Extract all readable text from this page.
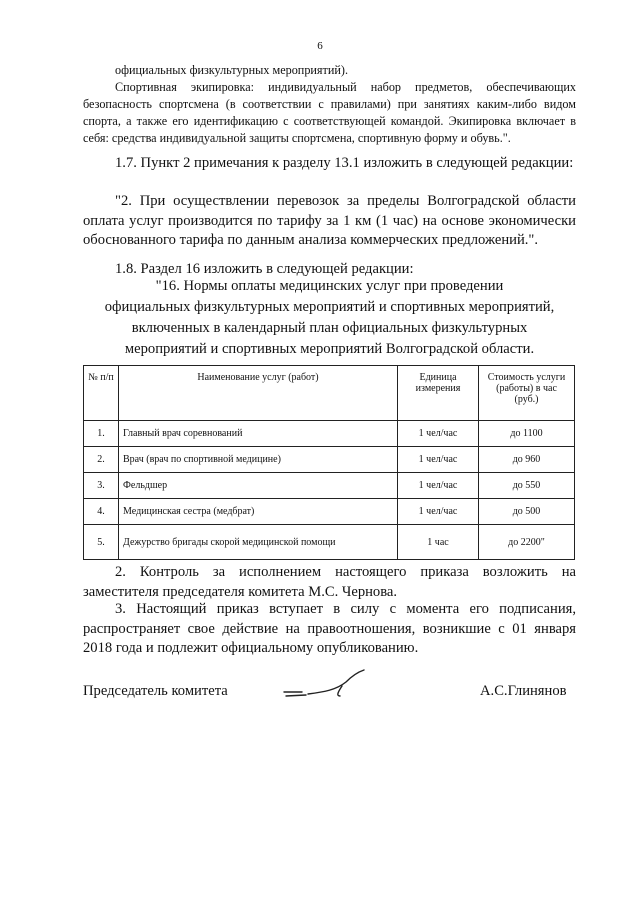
6
официальных физкультурных мероприятий).
Спортивная экипировка: индивидуальный набор предметов, обеспечивающих безопасность спортсмена (в соответствии с правилами) при занятиях каким-либо видом спорта, а также его идентификацию с соответствующей командой. Экипировка включает в себя: средства индивидуальной защиты спортсмена, спортивную форму и обувь.".
1.7. Пункт 2 примечания к разделу 13.1 изложить в следующей редакции:
"2. При осуществлении перевозок за пределы Волгоградской области оплата услуг производится по тарифу за 1 км (1 час) на основе экономически обоснованного тарифа по данным анализа коммерческих предложений.".
1.8. Раздел 16 изложить в следующей редакции:
"16. Нормы оплаты медицинских услуг при проведении
официальных физкультурных мероприятий и спортивных мероприятий,
включенных в календарный план официальных физкультурных
мероприятий и спортивных мероприятий Волгоградской области.
№ п/п	Наименование услуг (работ)	Единица измерения	Стоимость услуги (работы) в час (руб.)
1.	Главный врач соревнований	1 чел/час	до 1100
2.	Врач (врач по спортивной медицине)	1 чел/час	до 960
3.	Фельдшер	1 чел/час	до 550
4.	Медицинская сестра (медбрат)	1 чел/час	до 500
5.	Дежурство бригады скорой медицинской помощи	1 час	до 2200"
2. Контроль за исполнением настоящего приказа возложить на заместителя председателя комитета М.С. Чернова.
3. Настоящий приказ вступает в силу с момента его подписания, распространяет свое действие на правоотношения, возникшие с 01 января 2018 года и подлежит официальному опубликованию.
Председатель комитета	А.С.Глинянов
